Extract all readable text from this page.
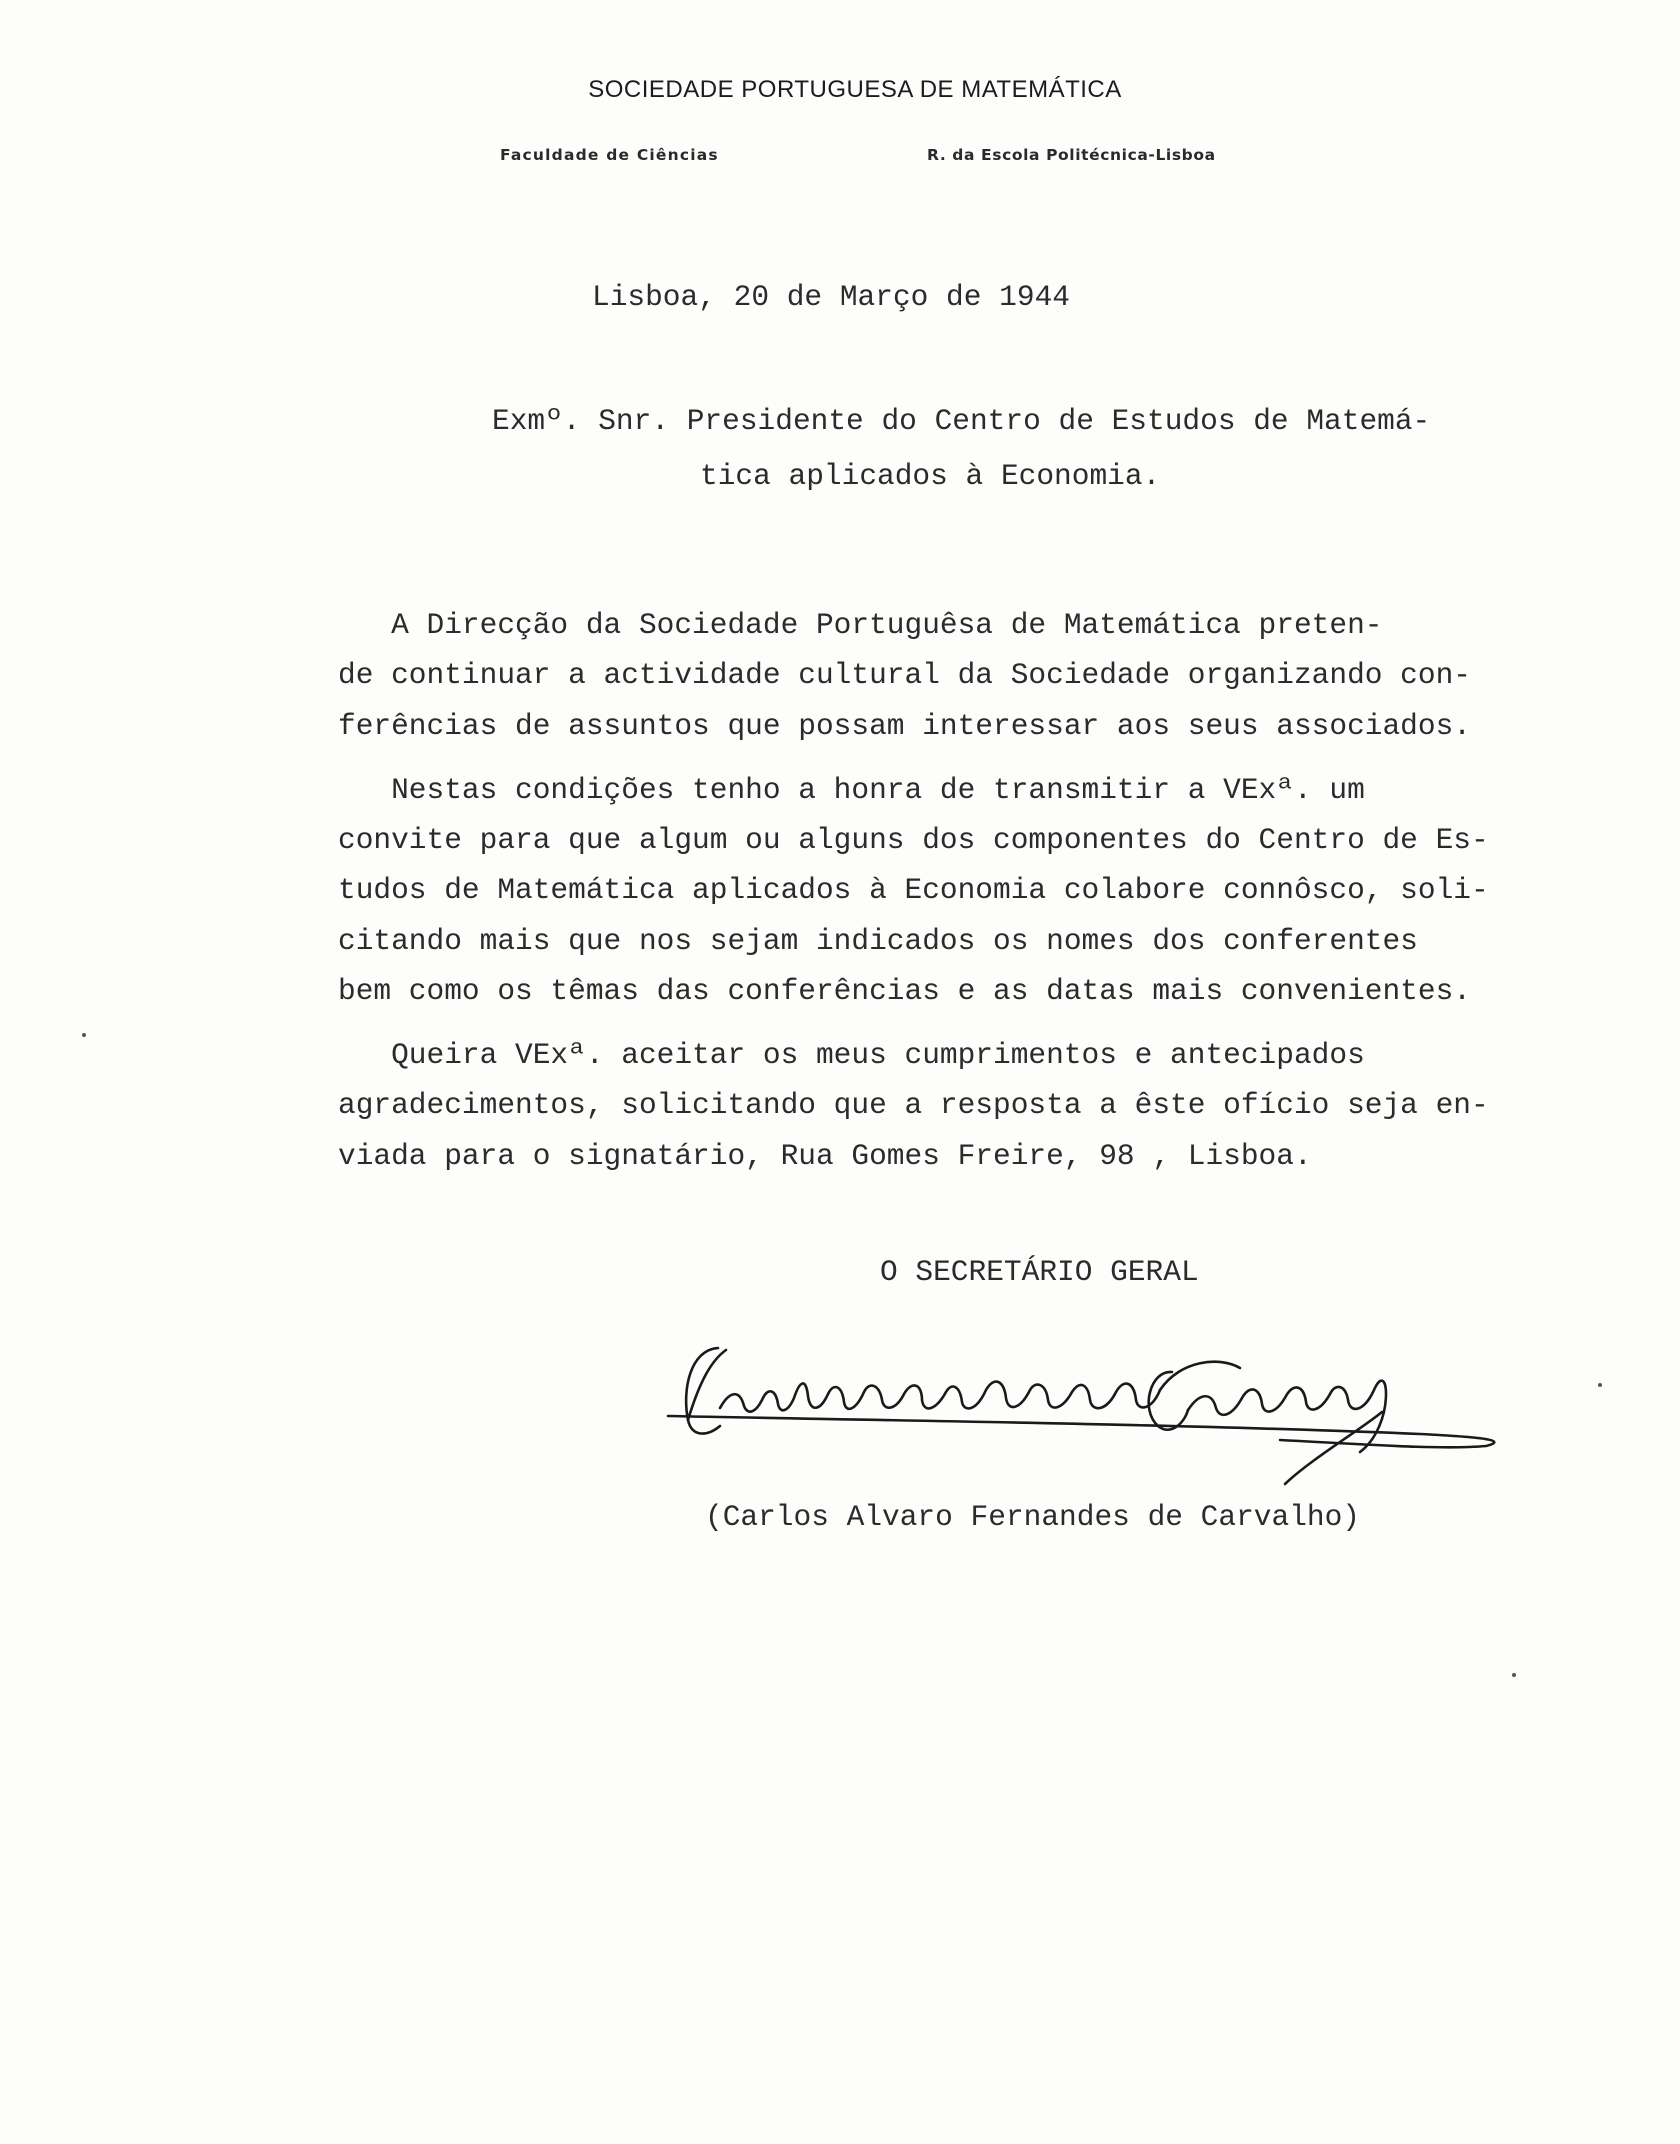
SOCIEDADE PORTUGUESA DE MATEMÁTICA
Faculdade de Ciências	R. da Escola Politécnica-Lisboa
Lisboa, 20 de Março de 1944
Exmº. Snr. Presidente do Centro de Estudos de Matemá-
tica aplicados à Economia.
A Direcção da Sociedade Portuguêsa de Matemática preten-
de continuar a actividade cultural da Sociedade organizando con-
ferências de assuntos que possam interessar aos seus associados.
Nestas condições tenho a honra de transmitir a VExª. um
convite para que algum ou alguns dos componentes do Centro de Es-
tudos de Matemática aplicados à Economia colabore connôsco, soli-
citando mais que nos sejam indicados os nomes dos conferentes
bem como os têmas das conferências e as datas mais convenientes.
Queira VExª. aceitar os meus cumprimentos e antecipados
agradecimentos, solicitando que a resposta a êste ofício seja en-
viada para o signatário, Rua Gomes Freire, 98 , Lisboa.
O SECRETÁRIO GERAL
(Carlos Alvaro Fernandes de Carvalho)
